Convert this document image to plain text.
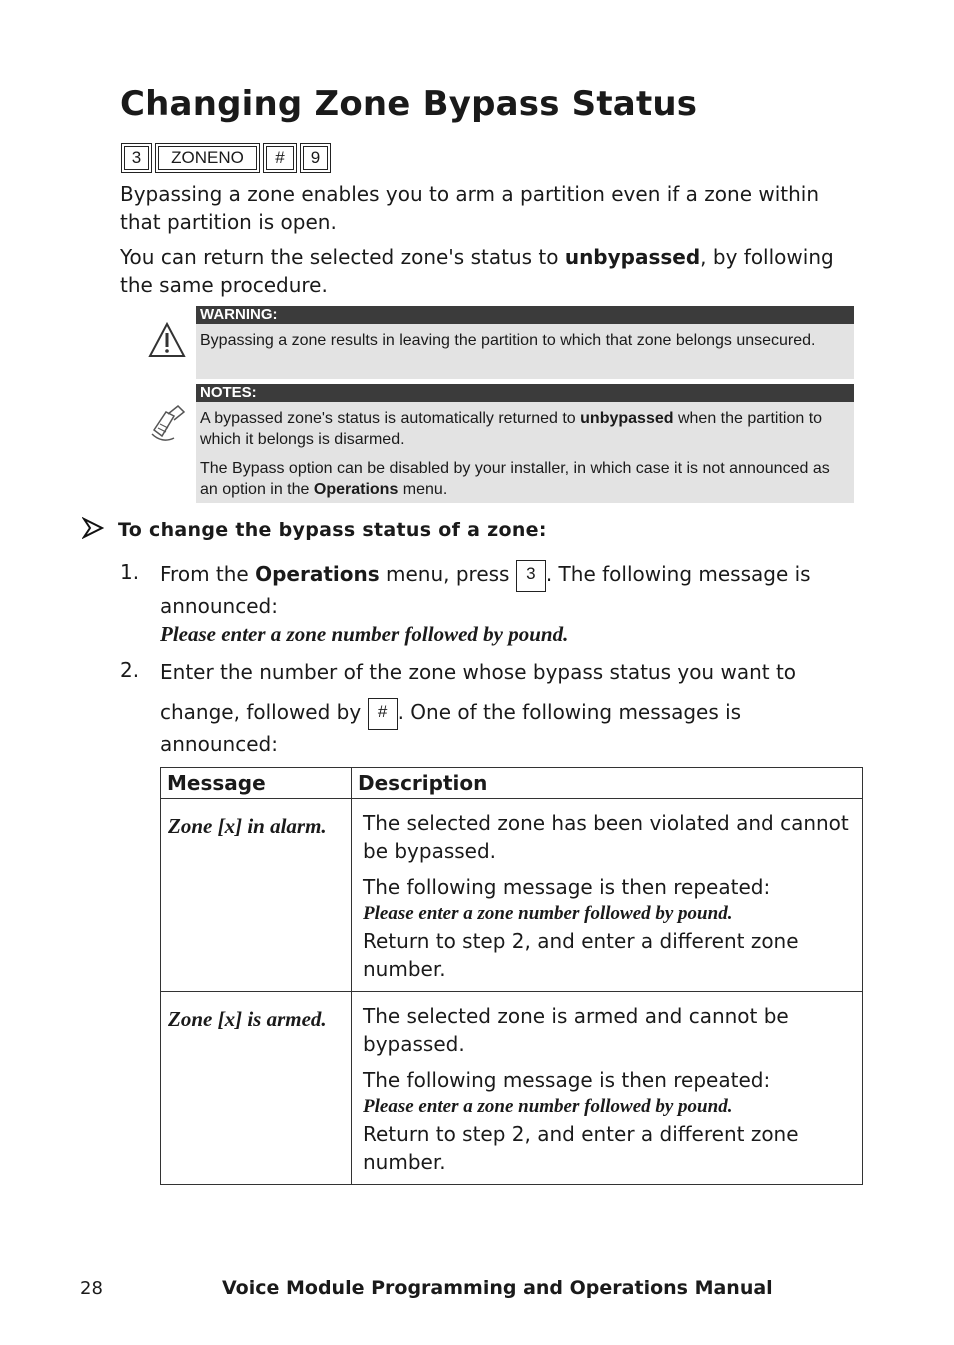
Changing Zone Bypass Status
3	ZONENO	#	9

Bypassing a zone enables you to arm a partition even if a zone within that partition is open.

You can return the selected zone's status to unbypassed, by following the same procedure.

WARNING:

Bypassing a zone results in leaving the partition to which that zone belongs unsecured.

NOTES:

A bypassed zone's status is automatically returned to unbypassed when the partition to which it belongs is disarmed.

The Bypass option can be disabled by your installer, in which case it is not announced as an option in the Operations menu.

To change the bypass status of a zone:
1. From the Operations menu, press 3 . The following message is announced:

Please enter a zone number followed by pound.

2. Enter the number of the zone whose bypass status you want to

change, followed by # . One of the following messages is announced:

Message	Description

Zone [x] in alarm.	The selected zone has been violated and cannot be bypassed.

The following message is then repeated:
Please enter a zone number followed by pound.
Return to step 2, and enter a different zone number.

Zone [x] is armed.	The selected zone is armed and cannot be bypassed.

The following message is then repeated:
Please enter a zone number followed by pound.
Return to step 2, and enter a different zone number.

28	Voice Module Programming and Operations Manual
